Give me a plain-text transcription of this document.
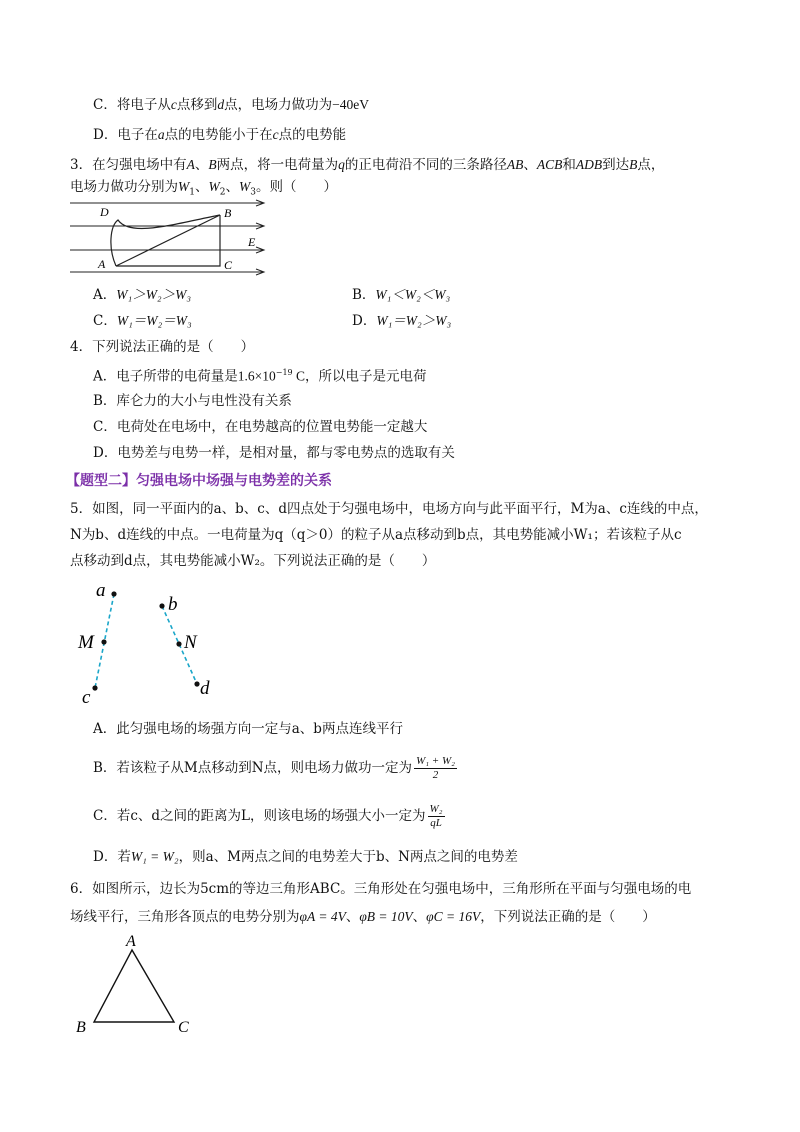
C．将电子从c点移到d点，电场力做功为−40eV
D．电子在a点的电势能小于在c点的电势能
3．在匀强电场中有A、B两点，将一电荷量为q的正电荷沿不同的三条路径AB、ACB和ADB到达B点，
电场力做功分别为$W_1$、$W_2$、$W_3$。则（　　）
D	B
A	C
E
A．W₁＞W₂＞W₃	B．W₁＜W₂＜W₃
C．W₁＝W₂＝W₃	D．W₁＝W₂＞W₃
4．下列说法正确的是（　　）
A．电子所带的电荷量是$1.6\times 10^{-19}$ C，所以电子是元电荷
B．库仑力的大小与电性没有关系
C．电荷处在电场中，在电势越高的位置电势能一定越大
D．电势差与电势一样，是相对量，都与零电势点的选取有关
【题型二】匀强电场中场强与电势差的关系
5．如图，同一平面内的a、b、c、d四点处于匀强电场中，电场方向与此平面平行，M为a、c连线的中点，
N为b、d连线的中点。一电荷量为q（q＞0）的粒子从a点移动到b点，其电势能减小W₁；若该粒子从c
点移动到d点，其电势能减小W₂。下列说法正确的是（　　）
a
b
M	N
c	d
A．此匀强电场的场强方向一定与a、b两点连线平行
B．若该粒子从M点移动到N点，则电场力做功一定为 $\frac{\text{W₁ + W₂}}{2}$
C．若c、d之间的距离为L，则该电场的场强大小一定为 $\frac{\text{W₂}}{qL}$
D．若W₁ = W₂，则a、M两点之间的电势差大于b、N两点之间的电势差
6．如图所示，边长为5cm的等边三角形ABC。三角形处在匀强电场中，三角形所在平面与匀强电场的电
场线平行，三角形各顶点的电势分别为φA = 4V、φB = 10V、φC = 16V，下列说法正确的是（　　）
A
B	C
